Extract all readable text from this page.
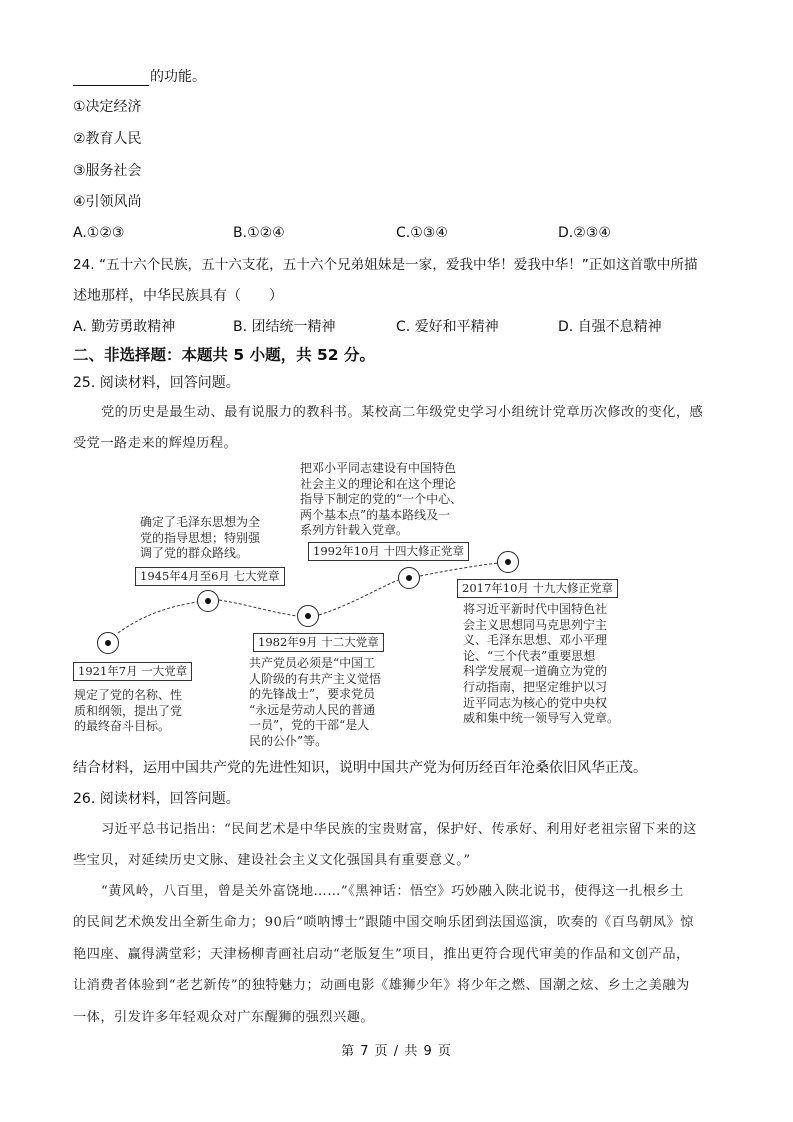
的功能。
①决定经济
②教育人民
③服务社会
④引领风尚
A.①②③	B.①②④	C.①③④	D.②③④
24. “五十六个民族，五十六支花，五十六个兄弟姐妹是一家，爱我中华！爱我中华！”正如这首歌中所描
述地那样，中华民族具有（　　）
A. 勤劳勇敢精神	B. 团结统一精神	C. 爱好和平精神	D. 自强不息精神
二、非选择题：本题共 5 小题，共 52 分。
25. 阅读材料，回答问题。
党的历史是最生动、最有说服力的教科书。某校高二年级党史学习小组统计党章历次修改的变化，感
受党一路走来的辉煌历程。
1921年7月 一大党章
规定了党的名称、性
质和纲领，提出了党
的最终奋斗目标。
确定了毛泽东思想为全
党的指导思想；特别强
调了党的群众路线。
1945年4月至6月 七大党章
1982年9月 十二大党章
共产党员必须是“中国工
人阶级的有共产主义觉悟
的先锋战士”，要求党员
“永远是劳动人民的普通
一员”，党的干部“是人
民的公仆”等。
把邓小平同志建设有中国特色
社会主义的理论和在这个理论
指导下制定的党的“一个中心、
两个基本点”的基本路线及一
系列方针载入党章。
1992年10月 十四大修正党章
2017年10月 十九大修正党章
将习近平新时代中国特色社
会主义思想同马克思列宁主
义、毛泽东思想、邓小平理
论、“三个代表”重要思想
科学发展观一道确立为党的
行动指南，把坚定维护以习
近平同志为核心的党中央权
威和集中统一领导写入党章。
结合材料，运用中国共产党的先进性知识，说明中国共产党为何历经百年沧桑依旧风华正茂。
26. 阅读材料，回答问题。
习近平总书记指出：“民间艺术是中华民族的宝贵财富，保护好、传承好、利用好老祖宗留下来的这
些宝贝，对延续历史文脉、建设社会主义文化强国具有重要意义。”
“黄风岭，八百里，曾是关外富饶地……”《黑神话：悟空》巧妙融入陕北说书，使得这一扎根乡土
的民间艺术焕发出全新生命力；90后“唢呐博士”跟随中国交响乐团到法国巡演，吹奏的《百鸟朝凤》惊
艳四座、赢得满堂彩；天津杨柳青画社启动“老版复生”项目，推出更符合现代审美的作品和文创产品，
让消费者体验到“老艺新传”的独特魅力；动画电影《雄狮少年》将少年之燃、国潮之炫、乡土之美融为
一体，引发许多年轻观众对广东醒狮的强烈兴趣。
第 7 页 / 共 9 页
